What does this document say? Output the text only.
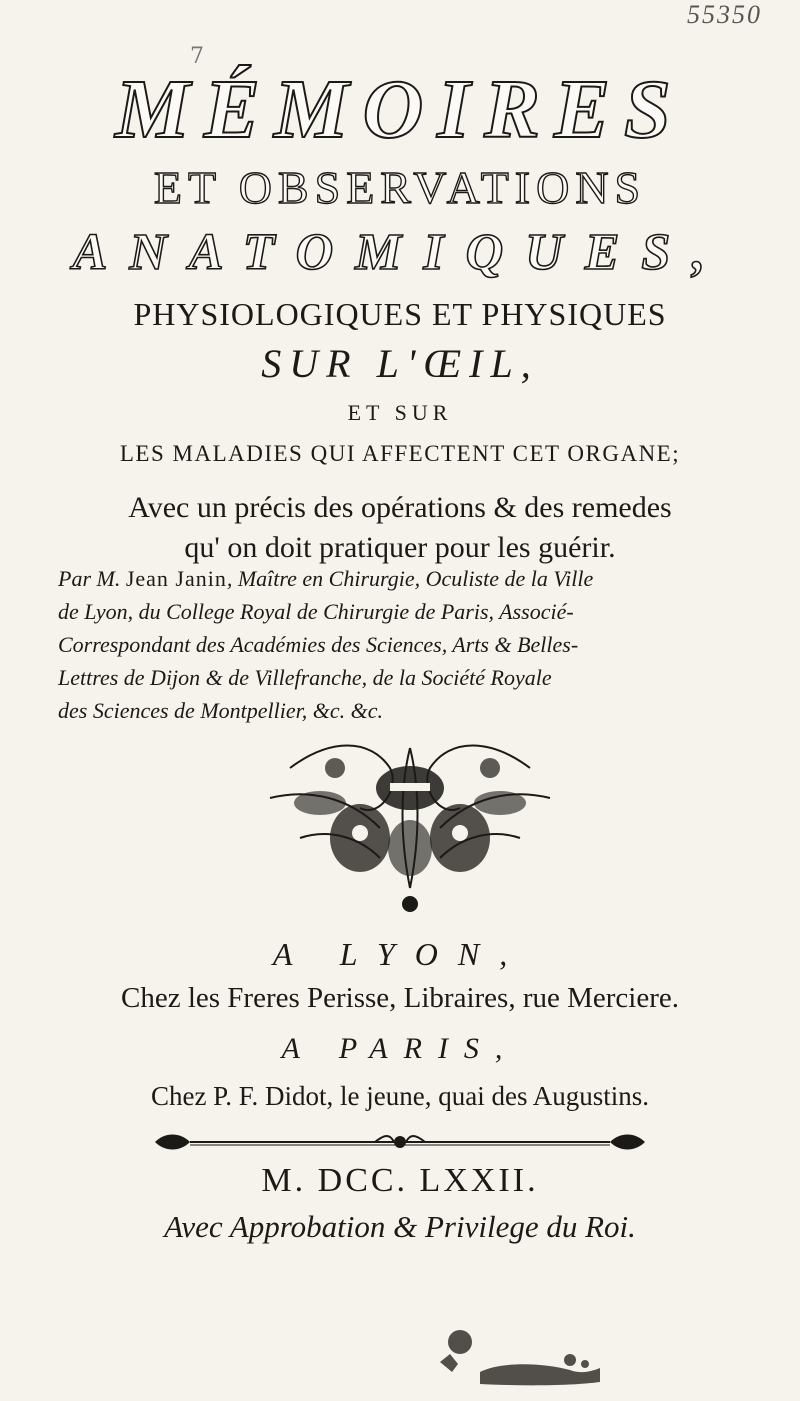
55350
7
MÉMOIRES
ET OBSERVATIONS
ANATOMIQUES,
PHYSIOLOGIQUES ET PHYSIQUES
SUR L'ŒIL,
ET SUR
LES MALADIES QUI AFFECTENT CET ORGANE;
Avec un précis des opérations & des remedes
qu' on doit pratiquer pour les guérir.
Par M. Jean Janin, Maître en Chirurgie, Oculiste de la Ville
de Lyon, du College Royal de Chirurgie de Paris, Associé-
Correspondant des Académies des Sciences, Arts & Belles-
Lettres de Dijon & de Villefranche, de la Société Royale
des Sciences de Montpellier, &c. &c.
A LYON,
Chez les Freres Perisse, Libraires, rue Merciere.
A PARIS,
Chez P. F. Didot, le jeune, quai des Augustins.
M. DCC. LXXII.
Avec Approbation & Privilege du Roi.
